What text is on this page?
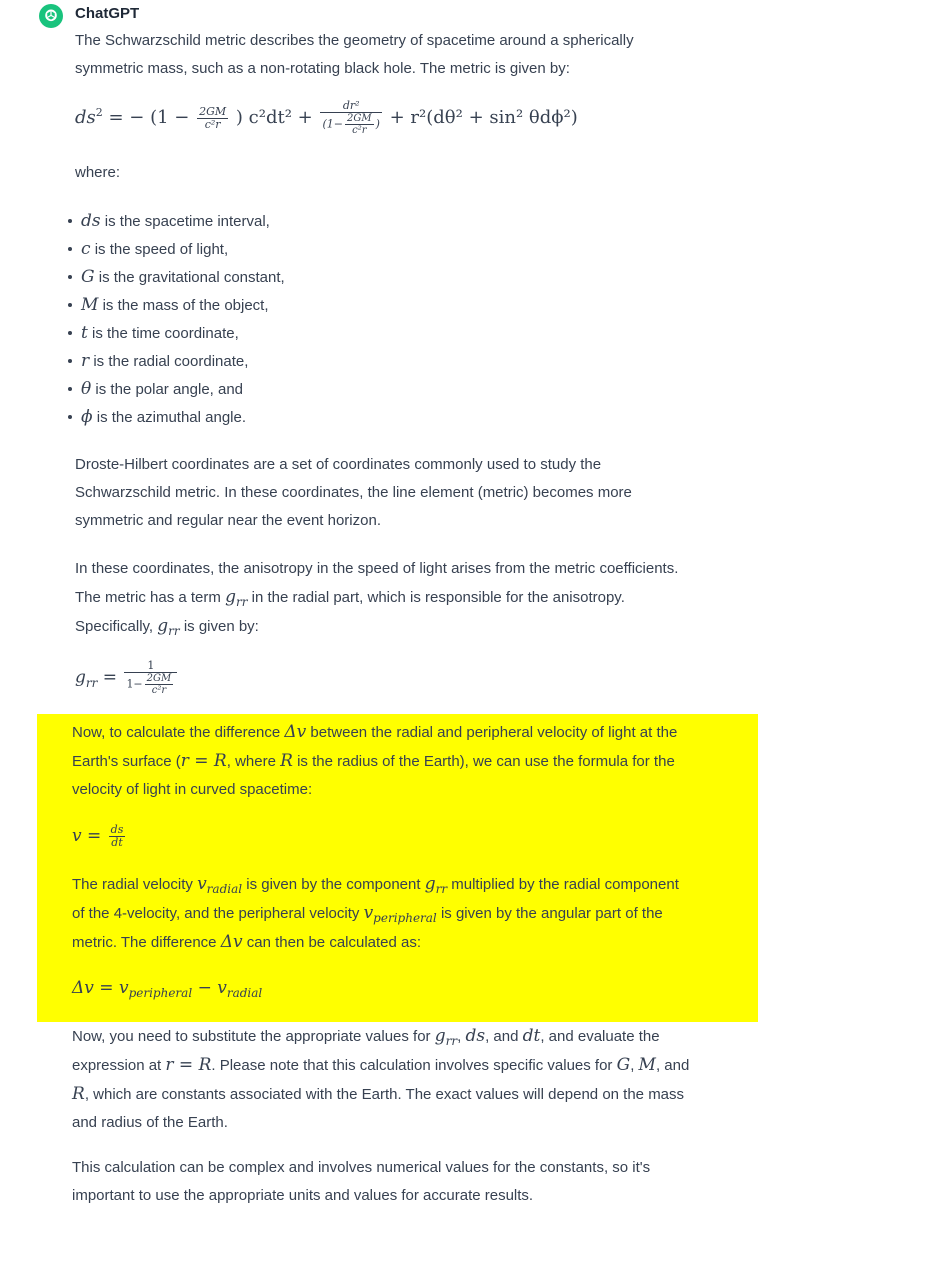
ChatGPT
The Schwarzschild metric describes the geometry of spacetime around a spherically symmetric mass, such as a non-rotating black hole. The metric is given by:
$ds^2$ = − ($1 - \frac{2GM}{\text{c²r}}$ ) $c^2dt^2 + \frac{\text{dr²}}{(1- \frac{2GM}{\text{c²r}} )} + r^2(d\theta^2 + \sin^2$ θdϕ²)
where:
ds is the spacetime interval,
c is the speed of light,
G is the gravitational constant,
M is the mass of the object,
t is the time coordinate,
r is the radial coordinate,
θ is the polar angle, and
ϕ is the azimuthal angle.
Droste-Hilbert coordinates are a set of coordinates commonly used to study the Schwarzschild metric. In these coordinates, the line element (metric) becomes more symmetric and regular near the event horizon.
In these coordinates, the anisotropy in the speed of light arises from the metric coefficients. The metric has a term $g_{rr}$ in the radial part, which is responsible for the anisotropy. Specifically, $g_{rr}$ is given by:
$g_{rr} = \frac{1}{1- \frac{2GM}{\text{c²r}}}$
Now, to calculate the difference Δv between the radial and peripheral velocity of light at the Earth's surface (r = R, where R is the radius of the Earth), we can use the formula for the velocity of light in curved spacetime:
$v = \frac{ds}{dt}$
The radial velocity $v_{radial}$ is given by the component $g_{rr}$ multiplied by the radial component of the 4-velocity, and the peripheral velocity $v_{peripheral}$ is given by the angular part of the metric. The difference Δv can then be calculated as:
$\Delta v = v_{peripheral} - v_{radial}$
Now, you need to substitute the appropriate values for $g_{rr}$, ds, and dt, and evaluate the expression at r = R. Please note that this calculation involves specific values for G, M, and R, which are constants associated with the Earth. The exact values will depend on the mass and radius of the Earth.
This calculation can be complex and involves numerical values for the constants, so it's important to use the appropriate units and values for accurate results.
